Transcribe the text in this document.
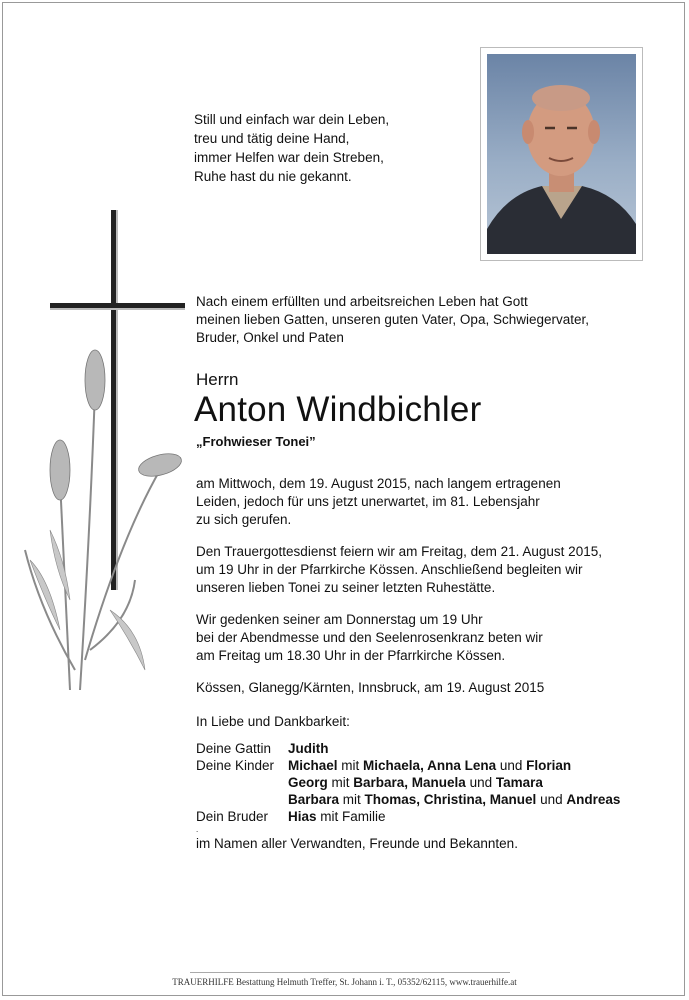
Still und einfach war dein Leben,
treu und tätig deine Hand,
immer Helfen war dein Streben,
Ruhe hast du nie gekannt.
Nach einem erfüllten und arbeitsreichen Leben hat Gott
meinen lieben Gatten, unseren guten Vater, Opa, Schwiegervater,
Bruder, Onkel und Paten
Herrn
Anton Windbichler
„Frohwieser Tonei”
am Mittwoch, dem 19. August 2015, nach langem ertragenen
Leiden, jedoch für uns jetzt unerwartet, im 81. Lebensjahr
zu sich gerufen.
Den Trauergottesdienst feiern wir am Freitag, dem 21. August 2015,
um 19 Uhr in der Pfarrkirche Kössen. Anschließend begleiten wir
unseren lieben Tonei zu seiner letzten Ruhestätte.
Wir gedenken seiner am Donnerstag um 19 Uhr
bei der Abendmesse und den Seelenrosenkranz beten wir
am Freitag um 18.30 Uhr in der Pfarrkirche Kössen.
Kössen, Glanegg/Kärnten, Innsbruck, am 19. August 2015
In Liebe und Dankbarkeit:
Deine Gattin	Judith
Deine Kinder	Michael mit Michaela, Anna Lena und Florian
Georg mit Barbara, Manuela und Tamara
Barbara mit Thomas, Christina, Manuel und Andreas
Dein Bruder	Hias mit Familie
.
im Namen aller Verwandten, Freunde und Bekannten.
TRAUERHILFE Bestattung Helmuth Treffer, St. Johann i. T., 05352/62115, www.trauerhilfe.at
